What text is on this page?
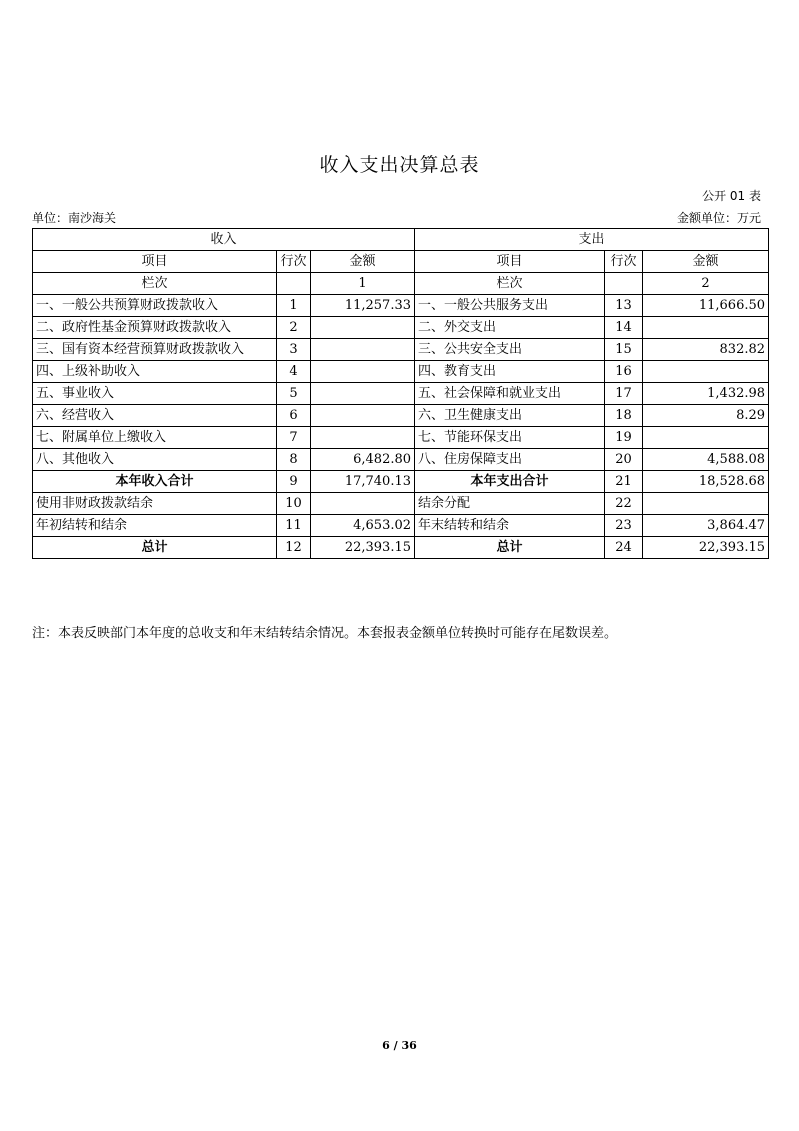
收入支出决算总表
公开 01 表
单位：南沙海关	金额单位：万元
收入			支出		
项目	行次	金额	项目	行次	金额
栏次		1	栏次		2
一、一般公共预算财政拨款收入	1	11,257.33	一、一般公共服务支出	13	11,666.50
二、政府性基金预算财政拨款收入	2		二、外交支出	14	
三、国有资本经营预算财政拨款收入	3		三、公共安全支出	15	832.82
四、上级补助收入	4		四、教育支出	16	
五、事业收入	5		五、社会保障和就业支出	17	1,432.98
六、经营收入	6		六、卫生健康支出	18	8.29
七、附属单位上缴收入	7		七、节能环保支出	19	
八、其他收入	8	6,482.80	八、住房保障支出	20	4,588.08
本年收入合计	9	17,740.13	本年支出合计	21	18,528.68
使用非财政拨款结余	10		结余分配	22	
年初结转和结余	11	4,653.02	年末结转和结余	23	3,864.47
总计	12	22,393.15	总计	24	22,393.15
注：本表反映部门本年度的总收支和年末结转结余情况。本套报表金额单位转换时可能存在尾数误差。
6 / 36
